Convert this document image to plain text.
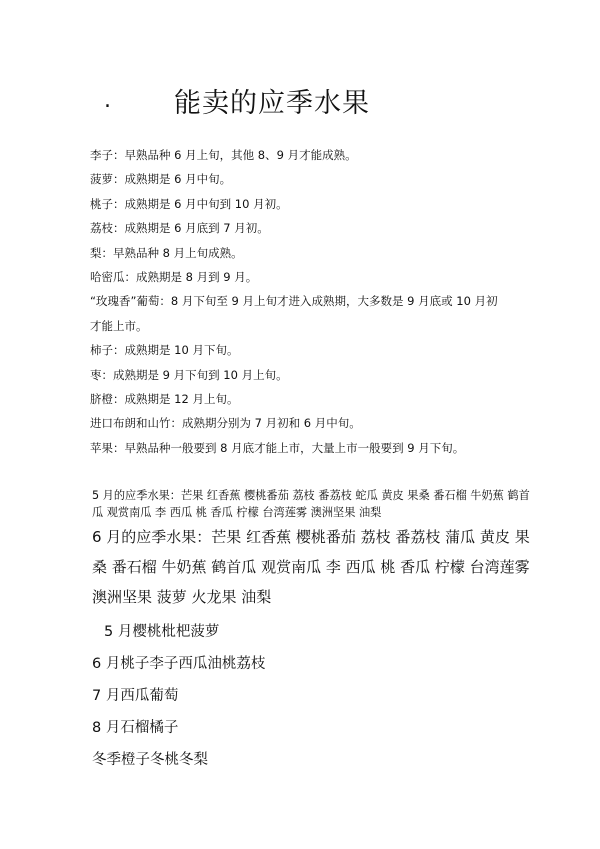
.	能卖的应季水果

李子：早熟品种 6 月上旬，其他 8、9 月才能成熟。

菠萝：成熟期是 6 月中旬。

桃子：成熟期是 6 月中旬到 10 月初。

荔枝：成熟期是 6 月底到 7 月初。

梨：早熟品种 8 月上旬成熟。

哈密瓜：成熟期是 8 月到 9 月。

“玫瑰香”葡萄：8 月下旬至 9 月上旬才进入成熟期，大多数是 9 月底或 10 月初

才能上市。

柿子：成熟期是 10 月下旬。

枣：成熟期是 9 月下旬到 10 月上旬。

脐橙：成熟期是 12 月上旬。

进口布朗和山竹：成熟期分别为 7 月初和 6 月中旬。

苹果：早熟品种一般要到 8 月底才能上市，大量上市一般要到 9 月下旬。

5 月的应季水果：芒果 红香蕉 樱桃番茄 荔枝 番荔枝 蛇瓜 黄皮 果桑 番石榴 牛奶蕉 鹤首瓜 观赏南瓜 李 西瓜 桃 香瓜 柠檬 台湾莲雾 澳洲坚果 油梨

6 月的应季水果：芒果 红香蕉 樱桃番茄 荔枝 番荔枝 蒲瓜 黄皮 果桑 番石榴 牛奶蕉 鹤首瓜 观赏南瓜 李 西瓜 桃 香瓜 柠檬 台湾莲雾 澳洲坚果 菠萝 火龙果 油梨

5 月樱桃枇杷菠萝

6 月桃子李子西瓜油桃荔枝

7 月西瓜葡萄

8 月石榴橘子

冬季橙子冬桃冬梨
